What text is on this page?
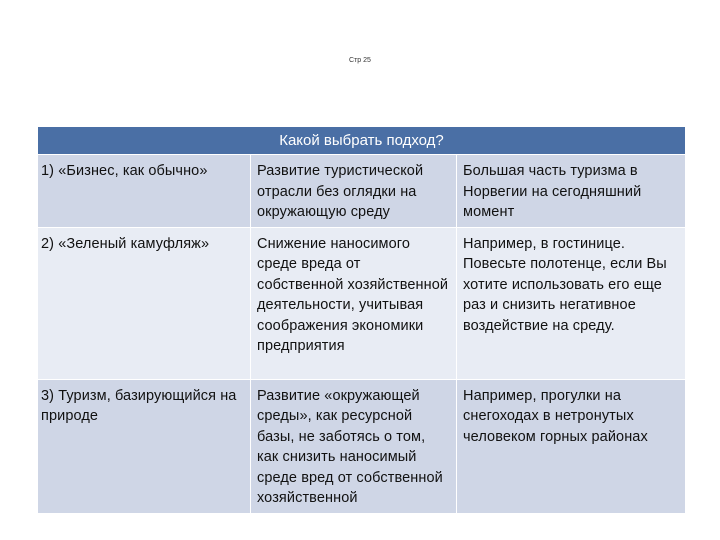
Стр 25
Какой выбрать подход?		
1) «Бизнес, как обычно»	Развитие туристической отрасли без оглядки на окружающую среду	Большая часть туризма в Норвегии на сегодняшний момент
2) «Зеленый камуфляж»	Снижение наносимого среде вреда от собственной хозяйственной деятельности, учитывая соображения экономики предприятия	Например, в гостинице. Повесьте полотенце, если Вы хотите использовать его еще раз и снизить негативное воздействие на среду.
3) Туризм, базирующийся на природе	Развитие «окружающей среды», как ресурсной базы, не заботясь о том, как снизить наносимый среде вред от собственной хозяйственной	Например, прогулки на снегоходах в нетронутых человеком горных районах
